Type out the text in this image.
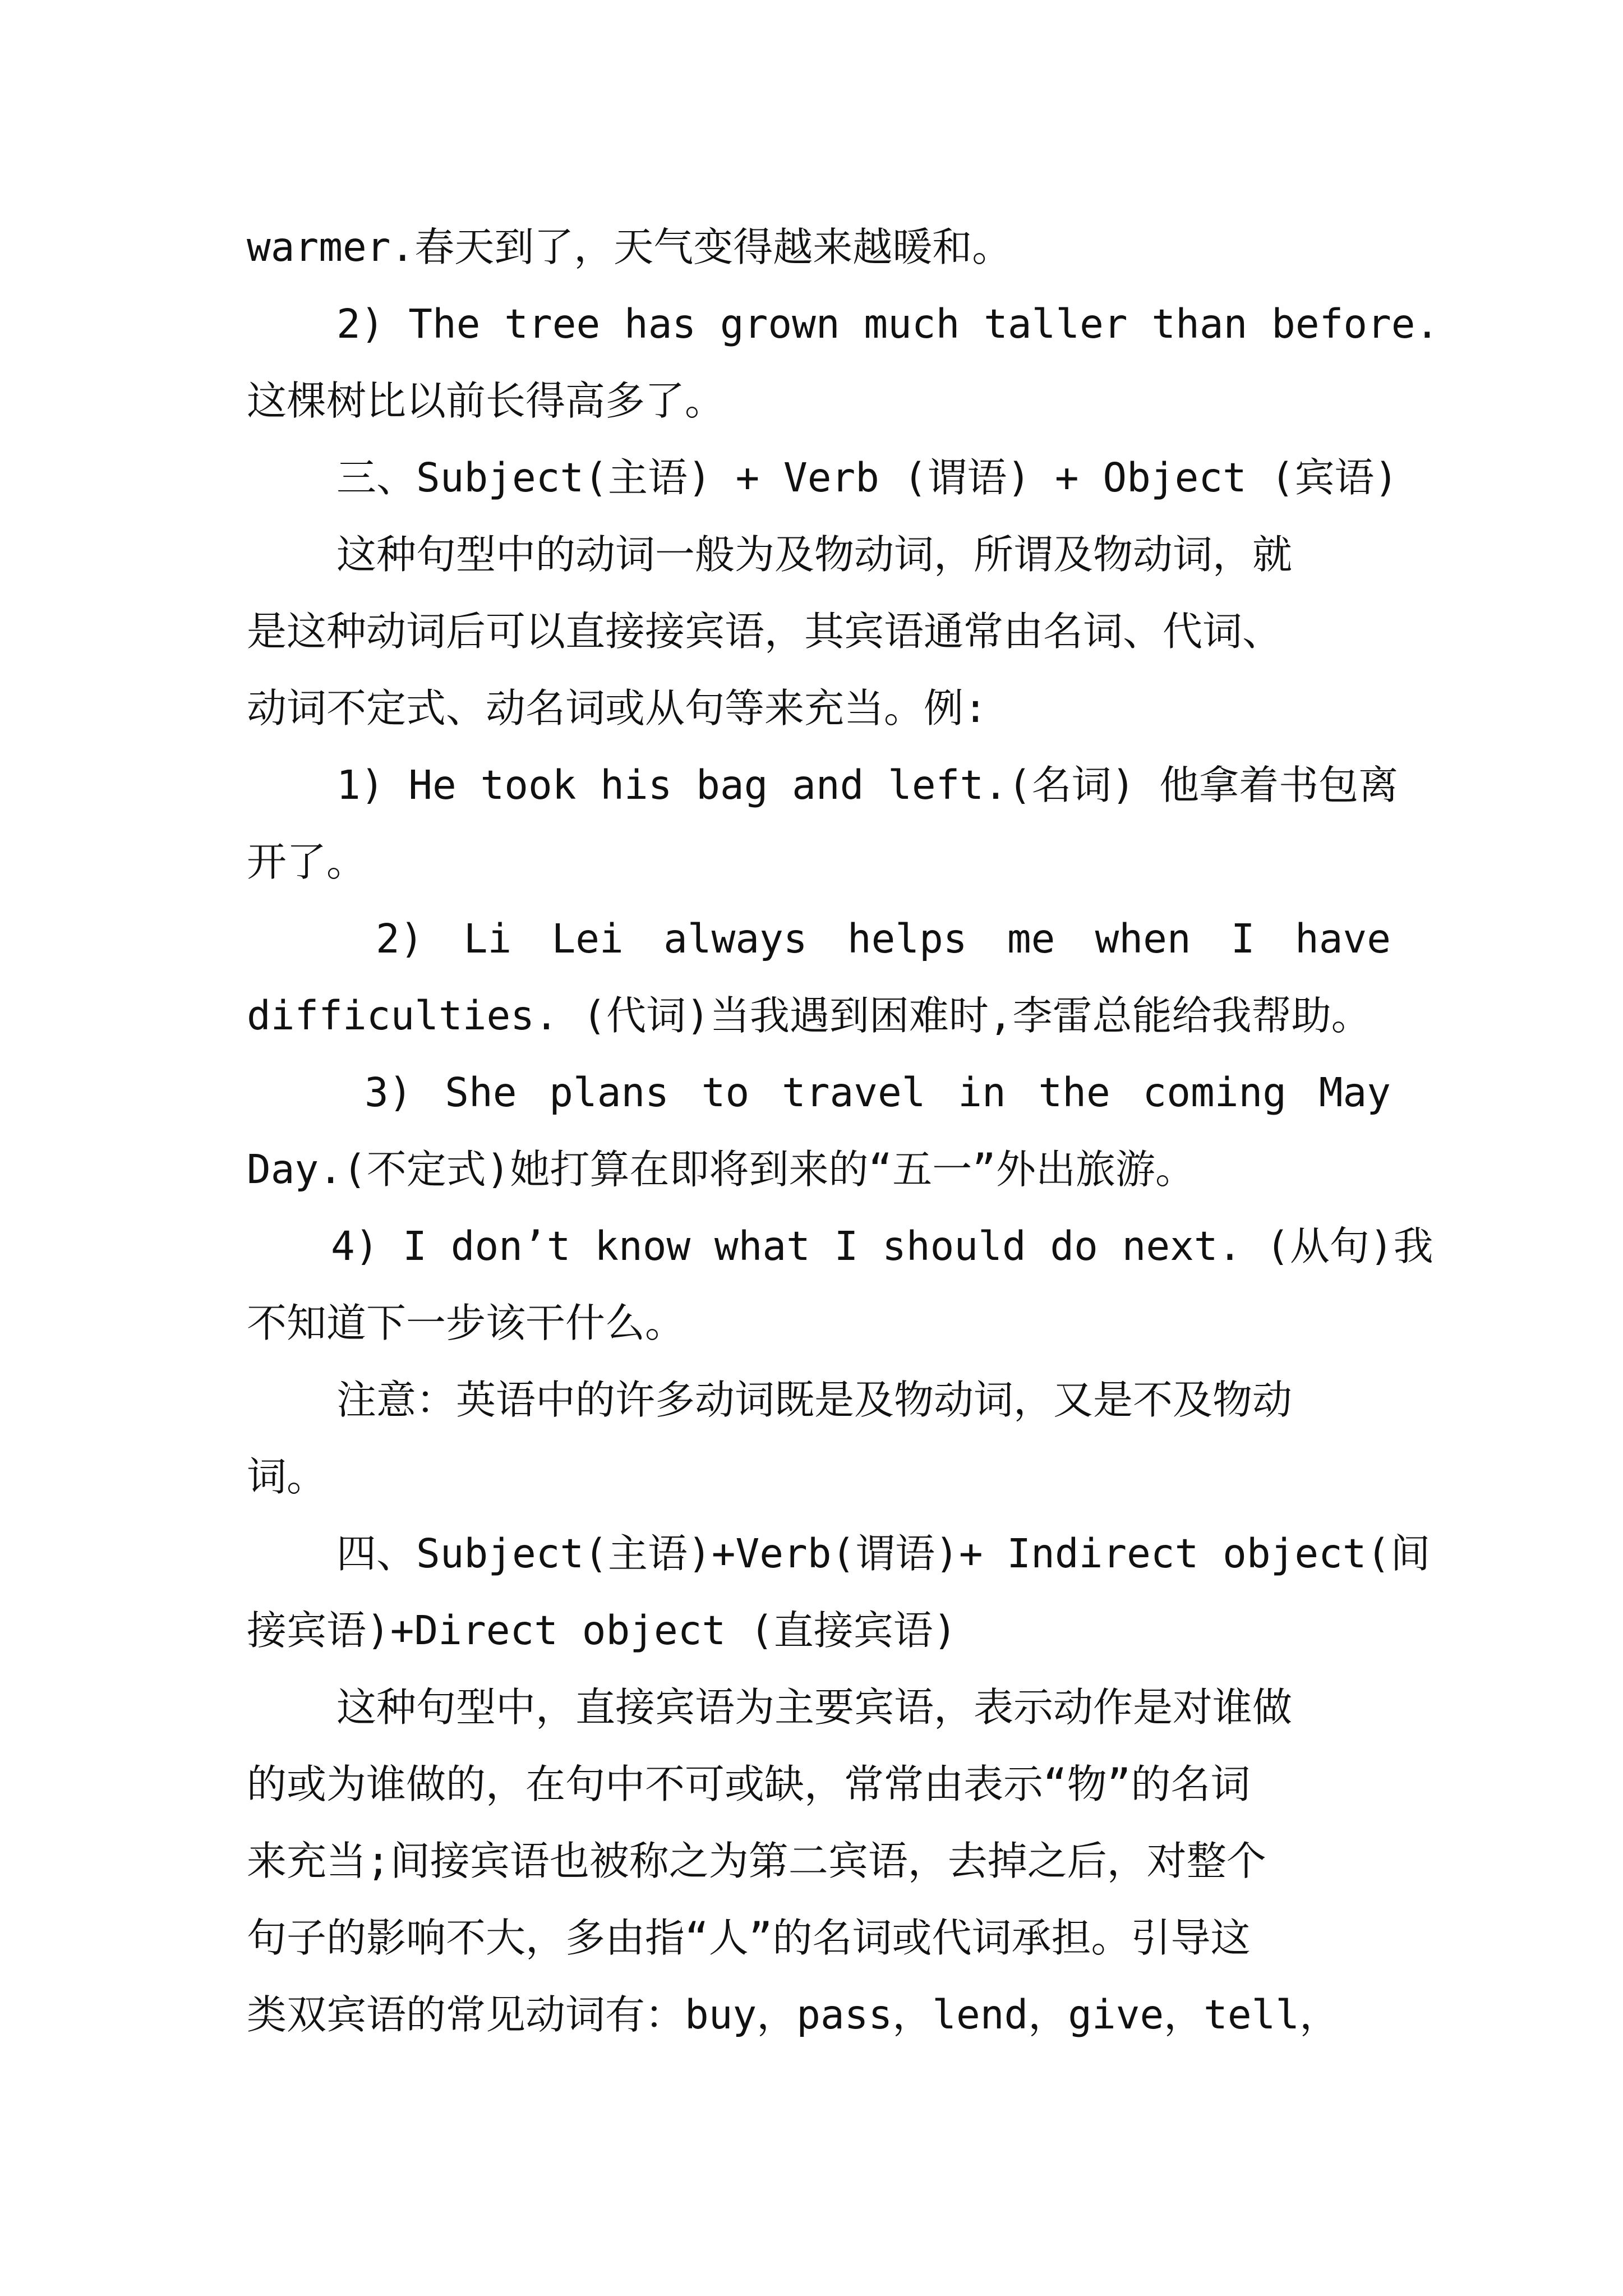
warmer.春天到了，天气变得越来越暖和。
2) The tree has grown much taller than before.
这棵树比以前长得高多了。
三、Subject(主语) + Verb (谓语) + Object (宾语)
这种句型中的动词一般为及物动词，所谓及物动词，就
是这种动词后可以直接接宾语，其宾语通常由名词、代词、
动词不定式、动名词或从句等来充当。例:
1) He took his bag and left.(名词) 他拿着书包离
开了。
2) Li Lei always helps me when I have
difficulties. (代词)当我遇到困难时,李雷总能给我帮助。
3) She plans to travel in the coming May
Day.(不定式)她打算在即将到来的“五一”外出旅游。
4) I don’t know what I should do next. (从句)我
不知道下一步该干什么。
注意：英语中的许多动词既是及物动词，又是不及物动
词。
四、Subject(主语)+Verb(谓语)+ Indirect object(间
接宾语)+Direct object (直接宾语)
这种句型中，直接宾语为主要宾语，表示动作是对谁做
的或为谁做的，在句中不可或缺，常常由表示“物”的名词
来充当;间接宾语也被称之为第二宾语，去掉之后，对整个
句子的影响不大，多由指“人”的名词或代词承担。引导这
类双宾语的常见动词有：buy，pass，lend，give，tell，
